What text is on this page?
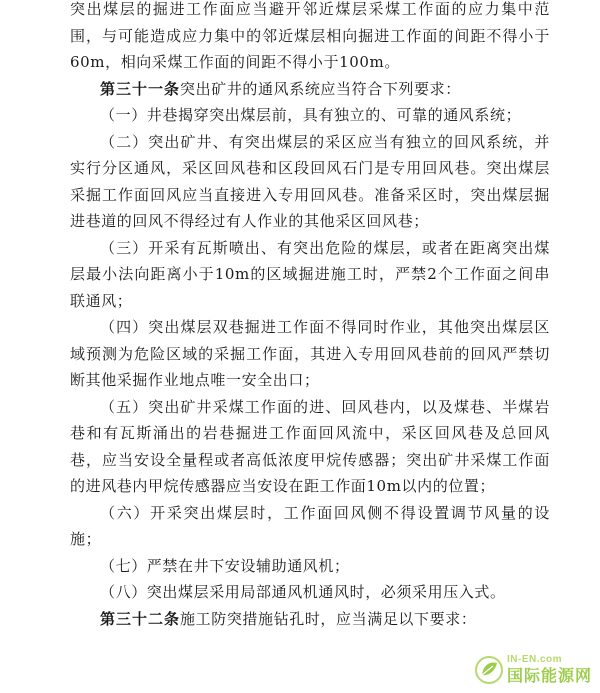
突出煤层的掘进工作面应当避开邻近煤层采煤工作面的应力集中范围，与可能造成应力集中的邻近煤层相向掘进工作面的间距不得小于60m，相向采煤工作面的间距不得小于100m。

第三十一条突出矿井的通风系统应当符合下列要求：

（一）井巷揭穿突出煤层前，具有独立的、可靠的通风系统；

（二）突出矿井、有突出煤层的采区应当有独立的回风系统，并实行分区通风，采区回风巷和区段回风石门是专用回风巷。突出煤层采掘工作面回风应当直接进入专用回风巷。准备采区时，突出煤层掘进巷道的回风不得经过有人作业的其他采区回风巷；

（三）开采有瓦斯喷出、有突出危险的煤层，或者在距离突出煤层最小法向距离小于10m的区域掘进施工时，严禁2个工作面之间串联通风；

（四）突出煤层双巷掘进工作面不得同时作业，其他突出煤层区域预测为危险区域的采掘工作面，其进入专用回风巷前的回风严禁切断其他采掘作业地点唯一安全出口；

（五）突出矿井采煤工作面的进、回风巷内，以及煤巷、半煤岩巷和有瓦斯涌出的岩巷掘进工作面回风流中，采区回风巷及总回风巷，应当安设全量程或者高低浓度甲烷传感器；突出矿井采煤工作面的进风巷内甲烷传感器应当安设在距工作面10m以内的位置；

（六）开采突出煤层时，工作面回风侧不得设置调节风量的设施；

（七）严禁在井下安设辅助通风机；

（八）突出煤层采用局部通风机通风时，必须采用压入式。

第三十二条施工防突措施钻孔时，应当满足以下要求：

IN-EN.com
国际能源网
